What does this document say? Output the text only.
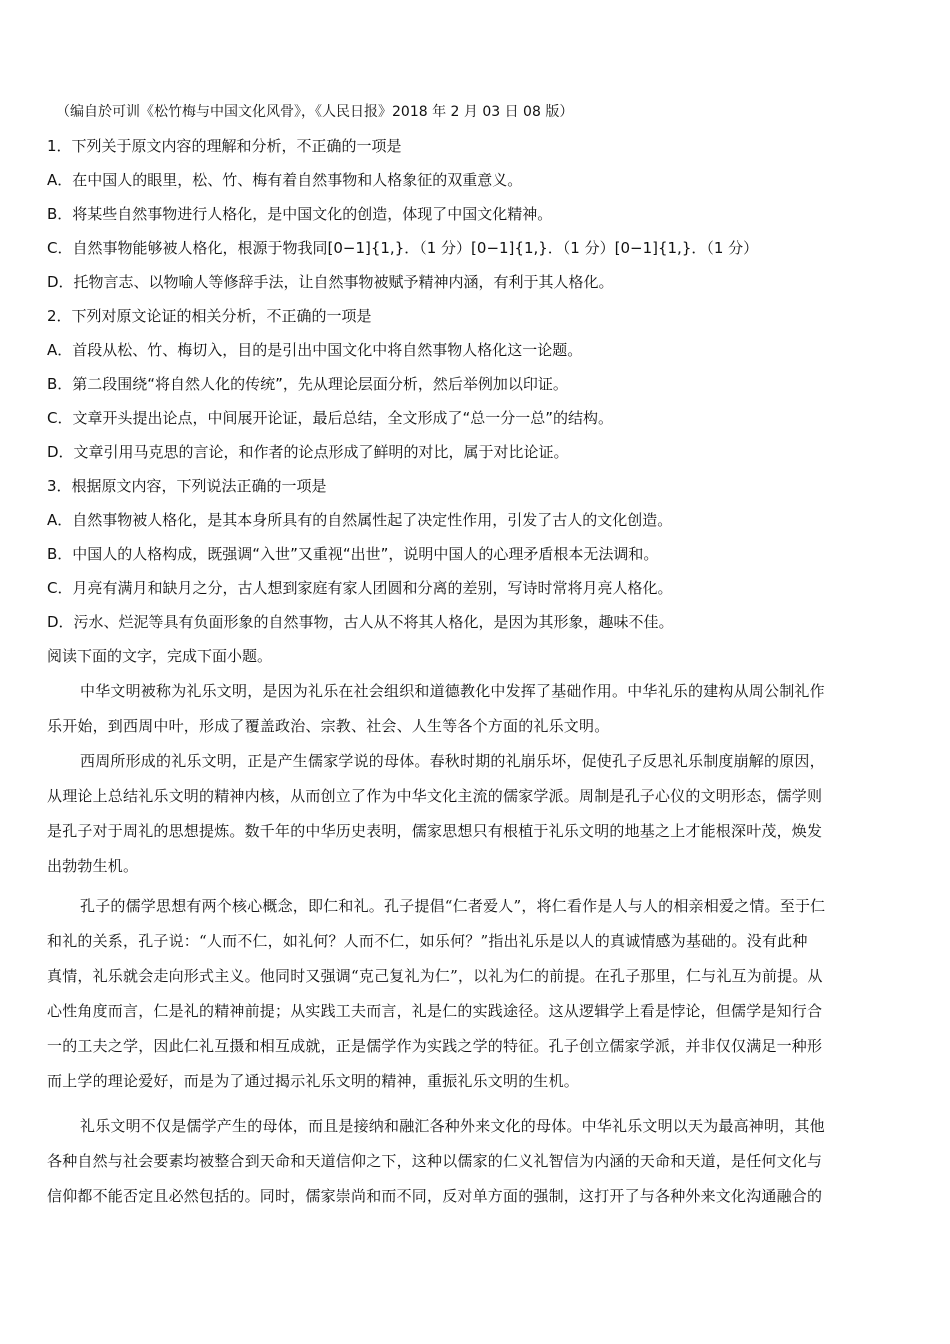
（编自於可训《松竹梅与中国文化风骨》，《人民日报》2018 年 2 月 03 日 08 版）
1．下列关于原文内容的理解和分析，不正确的一项是
A．在中国人的眼里，松、竹、梅有着自然事物和人格象征的双重意义。
B．将某些自然事物进行人格化，是中国文化的创造，体现了中国文化精神。
C．自然事物能够被人格化，根源于物我同[0−1]{1,}．（1 分）[0−1]{1,}．（1 分）[0−1]{1,}．（1 分）
D．托物言志、以物喻人等修辞手法，让自然事物被赋予精神内涵，有利于其人格化。
2．下列对原文论证的相关分析，不正确的一项是
A．首段从松、竹、梅切入，目的是引出中国文化中将自然事物人格化这一论题。
B．第二段围绕“将自然人化的传统”，先从理论层面分析，然后举例加以印证。
C．文章开头提出论点，中间展开论证，最后总结，全文形成了“总一分一总”的结构。
D．文章引用马克思的言论，和作者的论点形成了鲜明的对比，属于对比论证。
3．根据原文内容，下列说法正确的一项是
A．自然事物被人格化，是其本身所具有的自然属性起了决定性作用，引发了古人的文化创造。
B．中国人的人格构成，既强调“入世”又重视“出世”，说明中国人的心理矛盾根本无法调和。
C．月亮有满月和缺月之分，古人想到家庭有家人团圆和分离的差别，写诗时常将月亮人格化。
D．污水、烂泥等具有负面形象的自然事物，古人从不将其人格化，是因为其形象，趣味不佳。
阅读下面的文字，完成下面小题。
中华文明被称为礼乐文明，是因为礼乐在社会组织和道德教化中发挥了基础作用。中华礼乐的建构从周公制礼作
乐开始，到西周中叶，形成了覆盖政治、宗教、社会、人生等各个方面的礼乐文明。
西周所形成的礼乐文明，正是产生儒家学说的母体。春秋时期的礼崩乐坏，促使孔子反思礼乐制度崩解的原因，
从理论上总结礼乐文明的精神内核，从而创立了作为中华文化主流的儒家学派。周制是孔子心仪的文明形态，儒学则
是孔子对于周礼的思想提炼。数千年的中华历史表明，儒家思想只有根植于礼乐文明的地基之上才能根深叶茂，焕发
出勃勃生机。
孔子的儒学思想有两个核心概念，即仁和礼。孔子提倡“仁者爱人”，将仁看作是人与人的相亲相爱之情。至于仁
和礼的关系，孔子说：“人而不仁，如礼何？人而不仁，如乐何？”指出礼乐是以人的真诚情感为基础的。没有此种
真情，礼乐就会走向形式主义。他同时又强调“克己复礼为仁”，以礼为仁的前提。在孔子那里，仁与礼互为前提。从
心性角度而言，仁是礼的精神前提；从实践工夫而言，礼是仁的实践途径。这从逻辑学上看是悖论，但儒学是知行合
一的工夫之学，因此仁礼互摄和相互成就，正是儒学作为实践之学的特征。孔子创立儒家学派，并非仅仅满足一种形
而上学的理论爱好，而是为了通过揭示礼乐文明的精神，重振礼乐文明的生机。
礼乐文明不仅是儒学产生的母体，而且是接纳和融汇各种外来文化的母体。中华礼乐文明以天为最高神明，其他
各种自然与社会要素均被整合到天命和天道信仰之下，这种以儒家的仁义礼智信为内涵的天命和天道，是任何文化与
信仰都不能否定且必然包括的。同时，儒家崇尚和而不同，反对单方面的强制，这打开了与各种外来文化沟通融合的
